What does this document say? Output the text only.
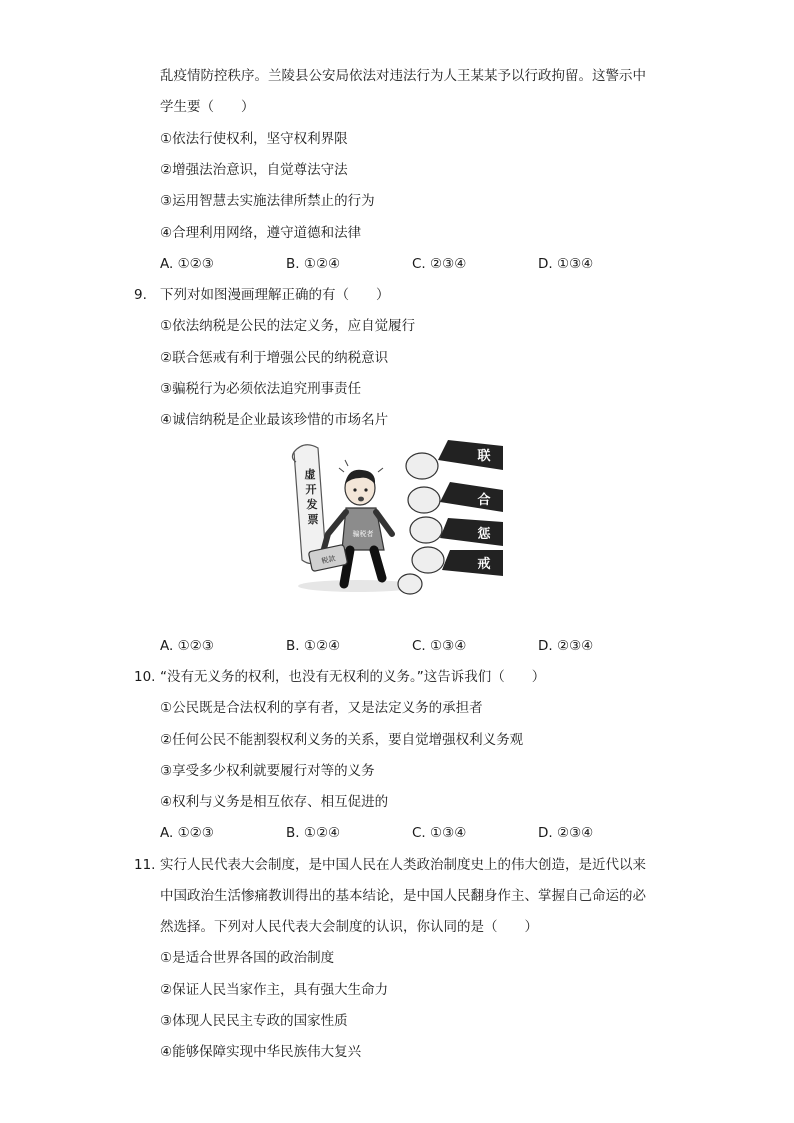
乱疫情防控秩序。兰陵县公安局依法对违法行为人王某某予以行政拘留。这警示中
学生要（　　）
①依法行使权利，坚守权利界限
②增强法治意识，自觉尊法守法
③运用智慧去实施法律所禁止的行为
④合理利用网络，遵守道德和法律
A. ①②③	B. ①②④	C. ②③④	D. ①③④
9. 下列对如图漫画理解正确的有（　　）
①依法纳税是公民的法定义务，应自觉履行
②联合惩戒有利于增强公民的纳税意识
③骗税行为必须依法追究刑事责任
④诚信纳税是企业最该珍惜的市场名片
虚
开
发
票
骗税者
税款
联
合
惩
戒
A. ①②③	B. ①②④	C. ①③④	D. ②③④
10. “没有无义务的权利，也没有无权利的义务。”这告诉我们（　　）
①公民既是合法权利的享有者，又是法定义务的承担者
②任何公民不能割裂权利义务的关系，要自觉增强权利义务观
③享受多少权利就要履行对等的义务
④权利与义务是相互依存、相互促进的
A. ①②③	B. ①②④	C. ①③④	D. ②③④
11. 实行人民代表大会制度，是中国人民在人类政治制度史上的伟大创造，是近代以来
中国政治生活惨痛教训得出的基本结论，是中国人民翻身作主、掌握自己命运的必
然选择。下列对人民代表大会制度的认识，你认同的是（　　）
①是适合世界各国的政治制度
②保证人民当家作主，具有强大生命力
③体现人民民主专政的国家性质
④能够保障实现中华民族伟大复兴
